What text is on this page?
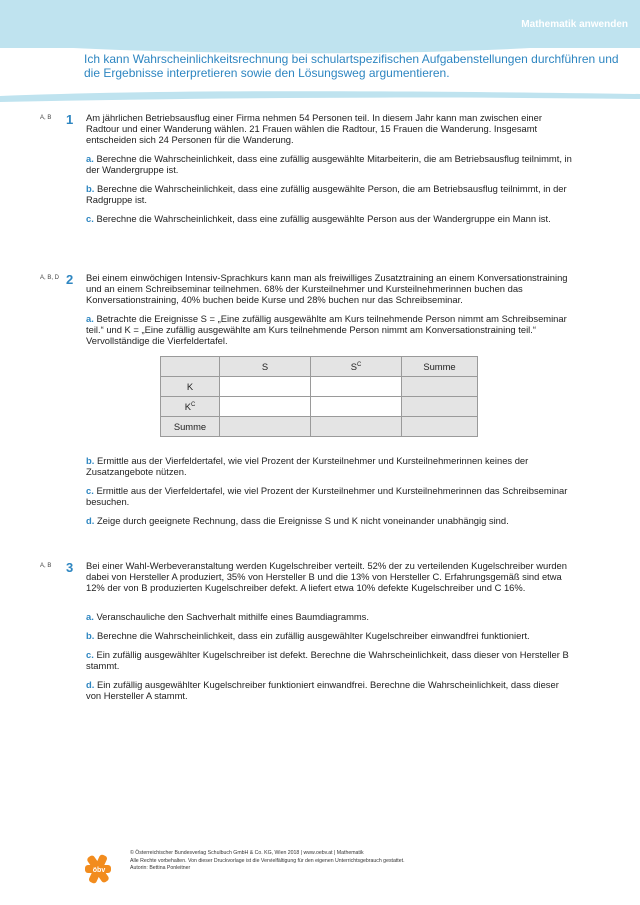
Mathematik anwenden
Ich kann Wahrscheinlichkeitsrechnung bei schulartspezifischen Aufgabenstellungen durchführen und die Ergebnisse interpretieren sowie den Lösungsweg argumentieren.
A, B 1 Am jährlichen Betriebsausflug einer Firma nehmen 54 Personen teil. In diesem Jahr kann man zwischen einer Radtour und einer Wanderung wählen. 21 Frauen wählen die Radtour, 15 Frauen die Wanderung. Insgesamt entscheiden sich 24 Personen für die Wanderung.

a. Berechne die Wahrscheinlichkeit, dass eine zufällig ausgewählte Mitarbeiterin, die am Betriebsausflug teilnimmt, in der Wandergruppe ist.

b. Berechne die Wahrscheinlichkeit, dass eine zufällig ausgewählte Person, die am Betriebsausflug teilnimmt, in der Radgruppe ist.

c. Berechne die Wahrscheinlichkeit, dass eine zufällig ausgewählte Person aus der Wandergruppe ein Mann ist.

A, B, D 2 Bei einem einwöchigen Intensiv-Sprachkurs kann man als freiwilliges Zusatztraining an einem Konversationstraining und an einem Schreibseminar teilnehmen. 68% der Kursteilnehmer und Kursteilnehmerinnen buchen das Konversationstraining, 40% buchen beide Kurse und 28% buchen nur das Schreibseminar.

a. Betrachte die Ereignisse S = „Eine zufällig ausgewählte am Kurs teilnehmende Person nimmt am Schreibseminar teil.“ und K = „Eine zufällig ausgewählte am Kurs teilnehmende Person nimmt am Konversationstraining teil.“ Vervollständige die Vierfeldertafel.

	S	$S^C$	Summe
K			
$K^C$			
Summe			

b. Ermittle aus der Vierfeldertafel, wie viel Prozent der Kursteilnehmer und Kursteilnehmerinnen keines der Zusatzangebote nützen.

c. Ermittle aus der Vierfeldertafel, wie viel Prozent der Kursteilnehmer und Kursteilnehmerinnen das Schreibseminar besuchen.

d. Zeige durch geeignete Rechnung, dass die Ereignisse S und K nicht voneinander unabhängig sind.

A, B 3 Bei einer Wahl-Werbeveranstaltung werden Kugelschreiber verteilt. 52% der zu verteilenden Kugelschreiber wurden dabei von Hersteller A produziert, 35% von Hersteller B und die 13% von Hersteller C. Erfahrungsgemäß sind etwa 12% der von B produzierten Kugelschreiber defekt. A liefert etwa 10% defekte Kugelschreiber und C 16%.

a. Veranschauliche den Sachverhalt mithilfe eines Baumdiagramms.

b. Berechne die Wahrscheinlichkeit, dass ein zufällig ausgewählter Kugelschreiber einwandfrei funktioniert.

c. Ein zufällig ausgewählter Kugelschreiber ist defekt. Berechne die Wahrscheinlichkeit, dass dieser von Hersteller B stammt.

d. Ein zufällig ausgewählter Kugelschreiber funktioniert einwandfrei. Berechne die Wahrscheinlichkeit, dass dieser von Hersteller A stammt.

öbv
© Österreichischer Bundesverlag Schulbuch GmbH & Co. KG, Wien 2018 | www.oebv.at | Mathematik
Alle Rechte vorbehalten. Von dieser Druckvorlage ist die Vervielfältigung für den eigenen Unterrichtsgebrauch gestattet.
Autorin: Bettina Ponleitner
